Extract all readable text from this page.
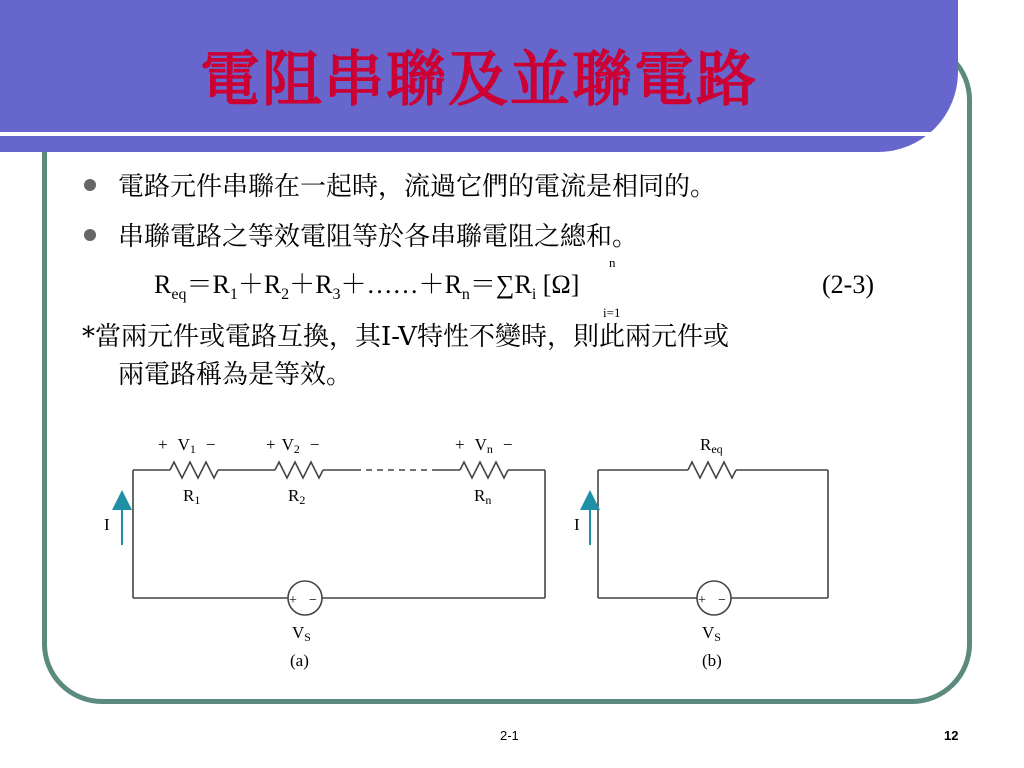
電阻串聯及並聯電路
電路元件串聯在一起時，流過它們的電流是相同的。
串聯電路之等效電阻等於各串聯電阻之總和。
$R_{eq}=R_1+R_2+R_3+\dots\dots+R_n=\sum R_i$ [Ω]
n
i=1
(2-3)
*當兩元件或電路互換，其I-V特性不變時，則此兩元件或
兩電路稱為是等效。
+ V1 −	+ V2 −	+ Vn −
R1	R2	Rn
I
+ −
VS
(a)
Req
I
+ −
VS
(b)
2-1	12
